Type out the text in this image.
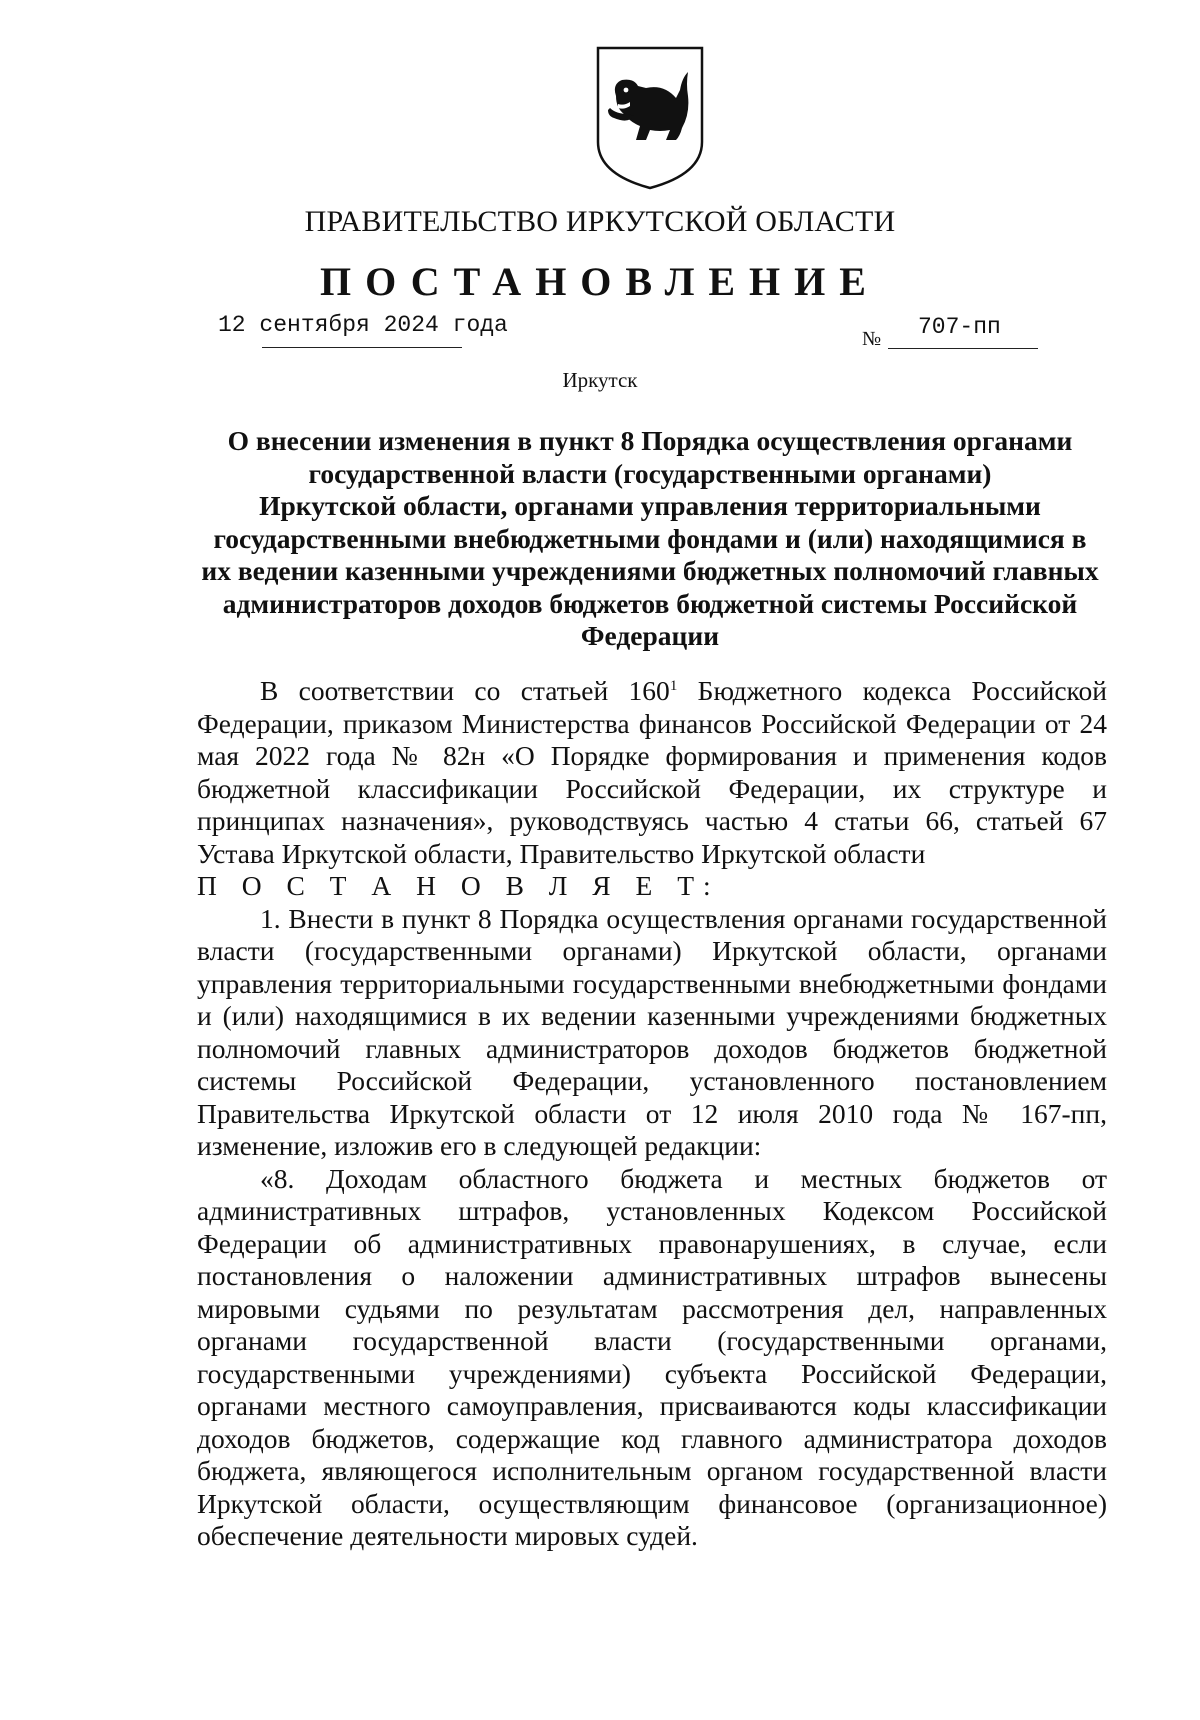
ПРАВИТЕЛЬСТВО ИРКУТСКОЙ ОБЛАСТИ
ПОСТАНОВЛЕНИЕ
12 сентября 2024 года
№ 707-пп
Иркутск
О внесении изменения в пункт 8 Порядка осуществления органами
государственной власти (государственными органами)
Иркутской области, органами управления территориальными
государственными внебюджетными фондами и (или) находящимися в
их ведении казенными учреждениями бюджетных полномочий главных
администраторов доходов бюджетов бюджетной системы Российской
Федерации

В соответствии со статьей $160^1$ Бюджетного кодекса Российской Федерации, приказом Министерства финансов Российской Федерации от 24 мая 2022 года № 82н «О Порядке формирования и применения кодов бюджетной классификации Российской Федерации, их структуре и принципах назначения», руководствуясь частью 4 статьи 66, статьей 67 Устава Иркутской области, Правительство Иркутской области

П О С Т А Н О В Л Я Е Т:

1. Внести в пункт 8 Порядка осуществления органами государственной власти (государственными органами) Иркутской области, органами управления территориальными государственными внебюджетными фондами и (или) находящимися в их ведении казенными учреждениями бюджетных полномочий главных администраторов доходов бюджетов бюджетной системы Российской Федерации, установленного постановлением Правительства Иркутской области от 12 июля 2010 года № 167-пп, изменение, изложив его в следующей редакции:

«8. Доходам областного бюджета и местных бюджетов от административных штрафов, установленных Кодексом Российской Федерации об административных правонарушениях, в случае, если постановления о наложении административных штрафов вынесены мировыми судьями по результатам рассмотрения дел, направленных органами государственной власти (государственными органами, государственными учреждениями) субъекта Российской Федерации, органами местного самоуправления, присваиваются коды классификации доходов бюджетов, содержащие код главного администратора доходов бюджета, являющегося исполнительным органом государственной власти Иркутской области, осуществляющим финансовое (организационное) обеспечение деятельности мировых судей.
